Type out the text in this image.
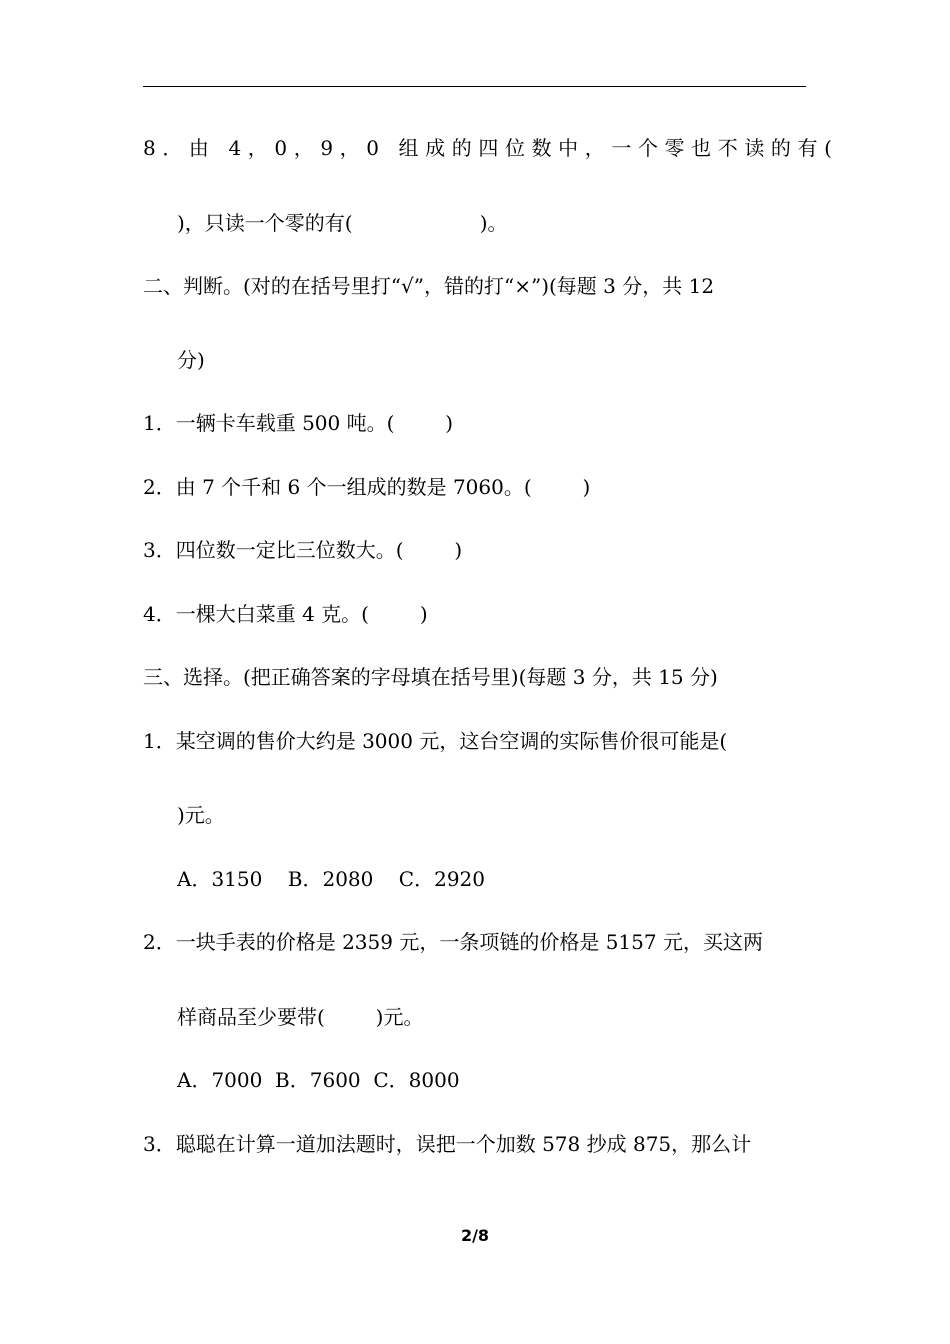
8．由 4，0，9，0 组成的四位数中，一个零也不读的有(
)，只读一个零的有(                    )。
二、判断。(对的在括号里打“√”，错的打“×”)(每题 3 分，共 12
分)
1．一辆卡车载重 500 吨。(        )
2．由 7 个千和 6 个一组成的数是 7060。(        )
3．四位数一定比三位数大。(        )
4．一棵大白菜重 4 克。(        )
三、选择。(把正确答案的字母填在括号里)(每题 3 分，共 15 分)
1．某空调的售价大约是 3000 元，这台空调的实际售价很可能是(
)元。
A．3150    B．2080    C．2920
2．一块手表的价格是 2359 元，一条项链的价格是 5157 元，买这两
样商品至少要带(        )元。
A．7000  B．7600  C．8000
3．聪聪在计算一道加法题时，误把一个加数 578 抄成 875，那么计
2/8
